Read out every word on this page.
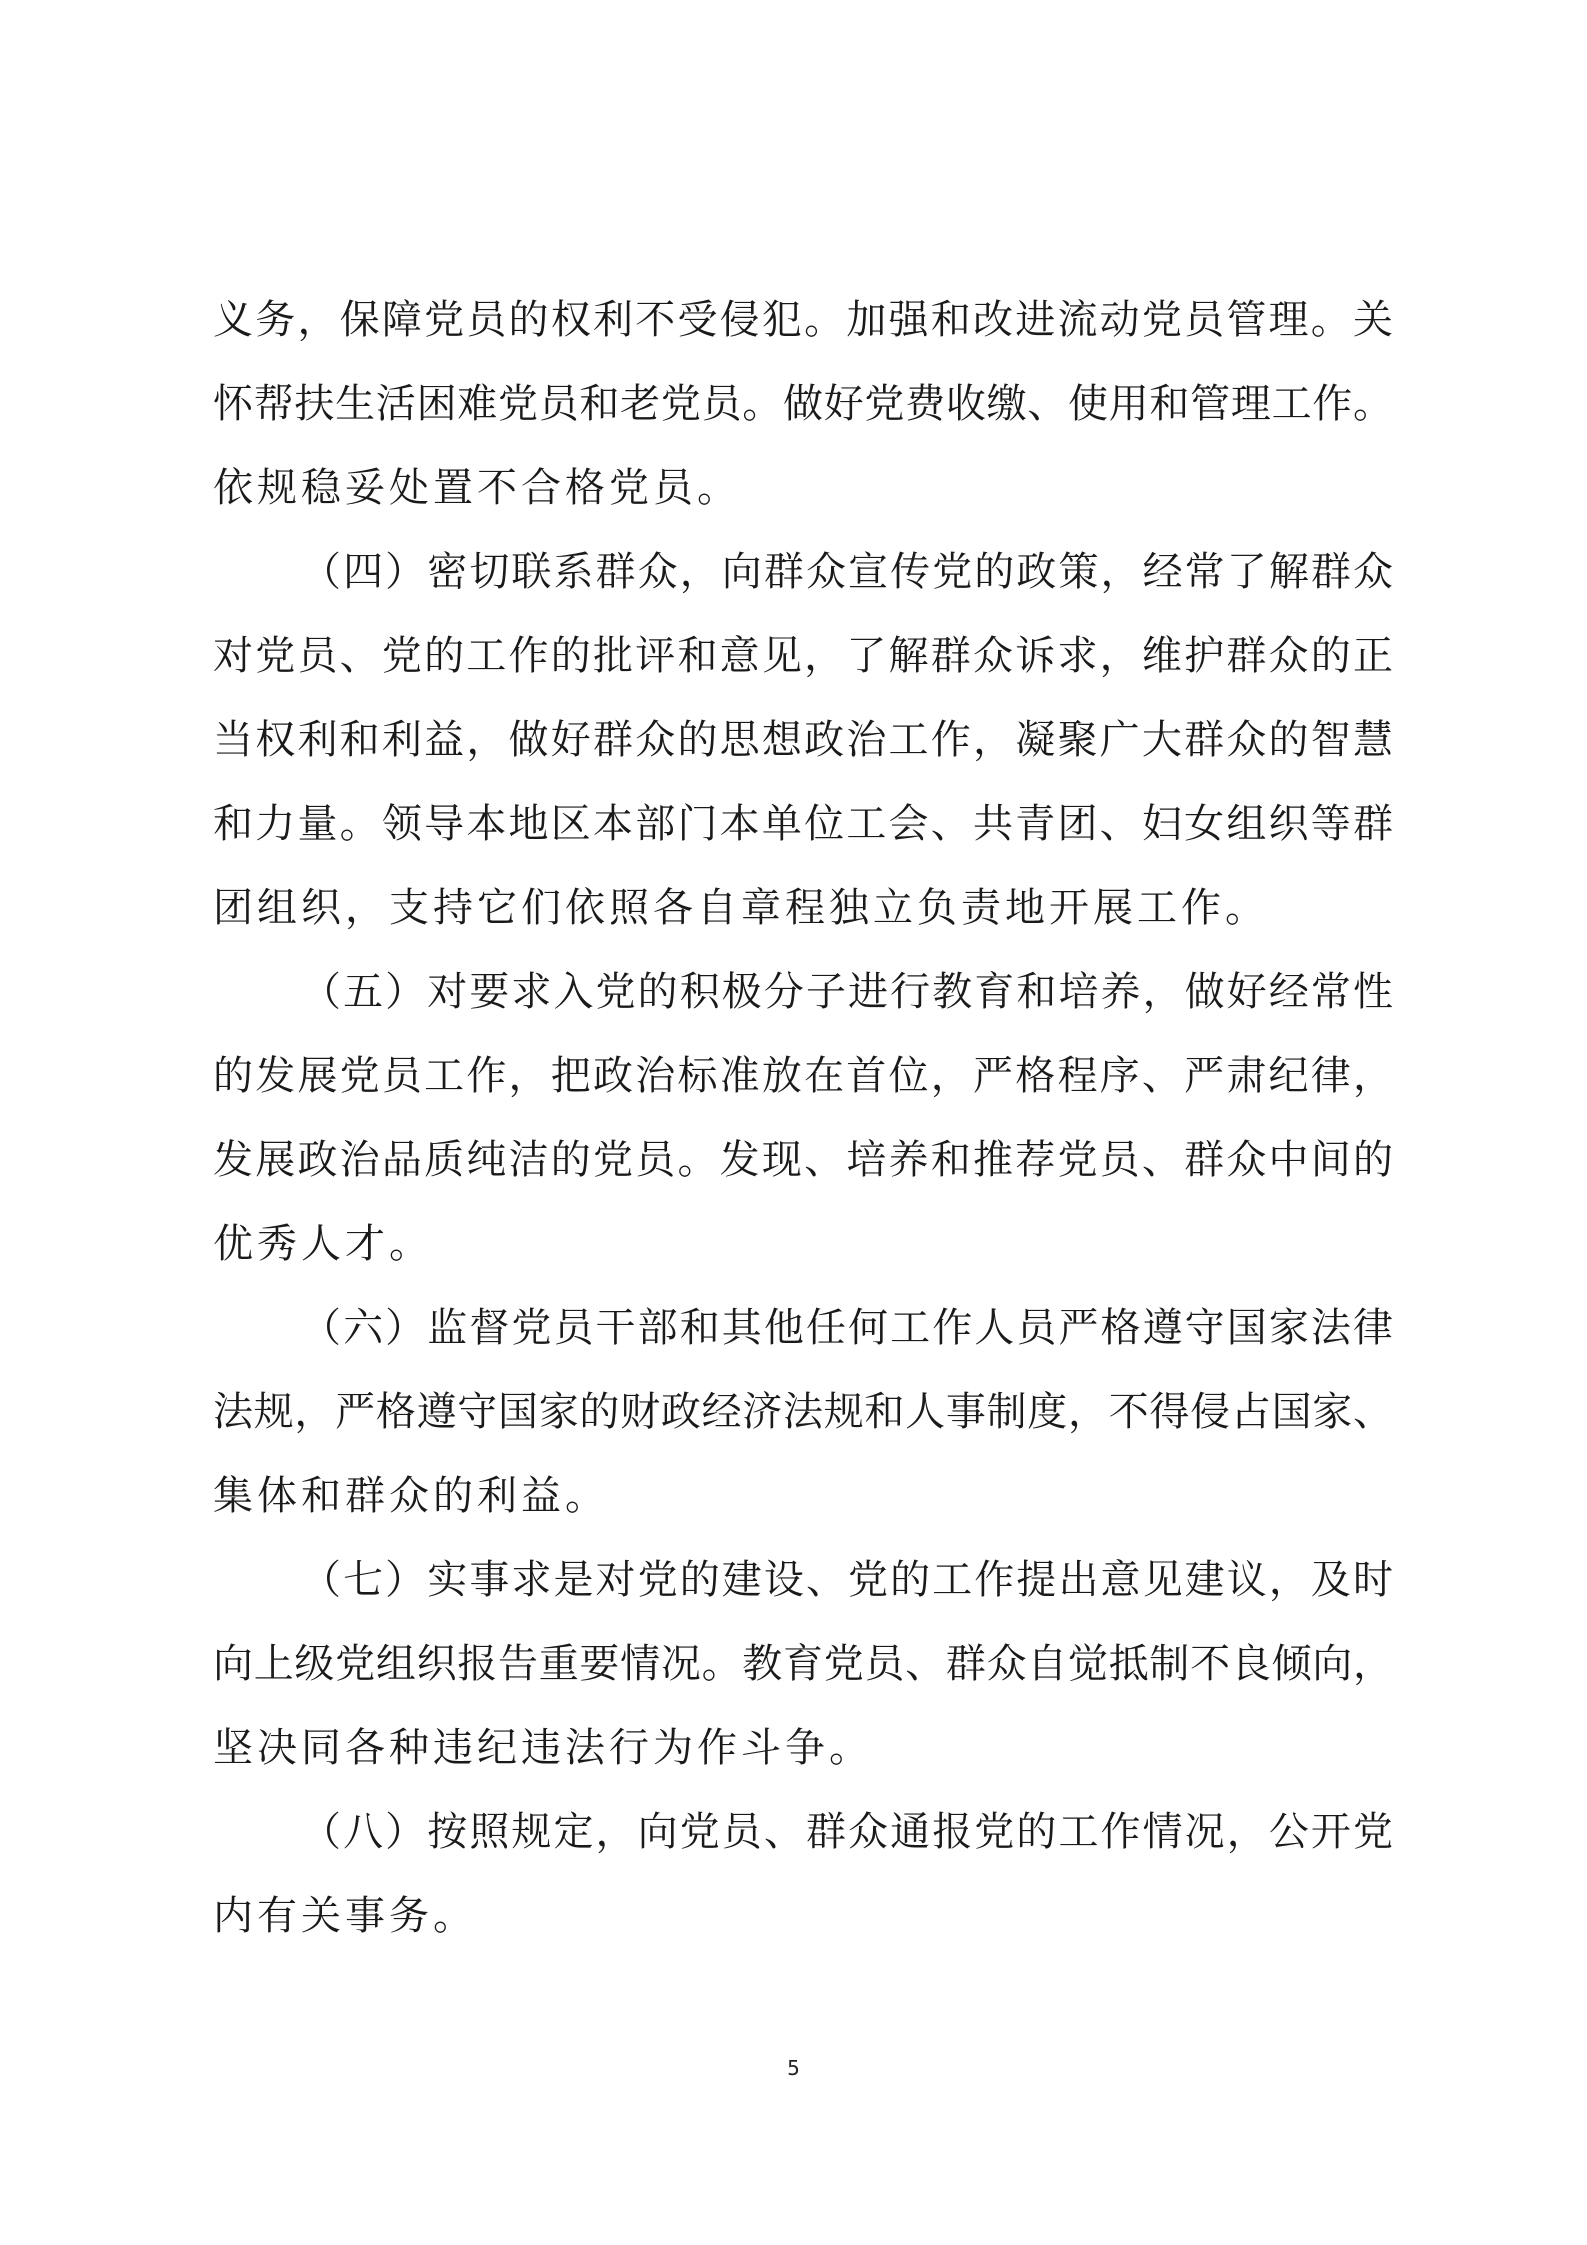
义务，保障党员的权利不受侵犯。加强和改进流动党员管理。关
怀帮扶生活困难党员和老党员。做好党费收缴、使用和管理工作。
依规稳妥处置不合格党员。
（四）密切联系群众，向群众宣传党的政策，经常了解群众
对党员、党的工作的批评和意见，了解群众诉求，维护群众的正
当权利和利益，做好群众的思想政治工作，凝聚广大群众的智慧
和力量。领导本地区本部门本单位工会、共青团、妇女组织等群
团组织，支持它们依照各自章程独立负责地开展工作。
（五）对要求入党的积极分子进行教育和培养，做好经常性
的发展党员工作，把政治标准放在首位，严格程序、严肃纪律，
发展政治品质纯洁的党员。发现、培养和推荐党员、群众中间的
优秀人才。
（六）监督党员干部和其他任何工作人员严格遵守国家法律
法规，严格遵守国家的财政经济法规和人事制度，不得侵占国家、
集体和群众的利益。
（七）实事求是对党的建设、党的工作提出意见建议，及时
向上级党组织报告重要情况。教育党员、群众自觉抵制不良倾向，
坚决同各种违纪违法行为作斗争。
（八）按照规定，向党员、群众通报党的工作情况，公开党
内有关事务。
5
